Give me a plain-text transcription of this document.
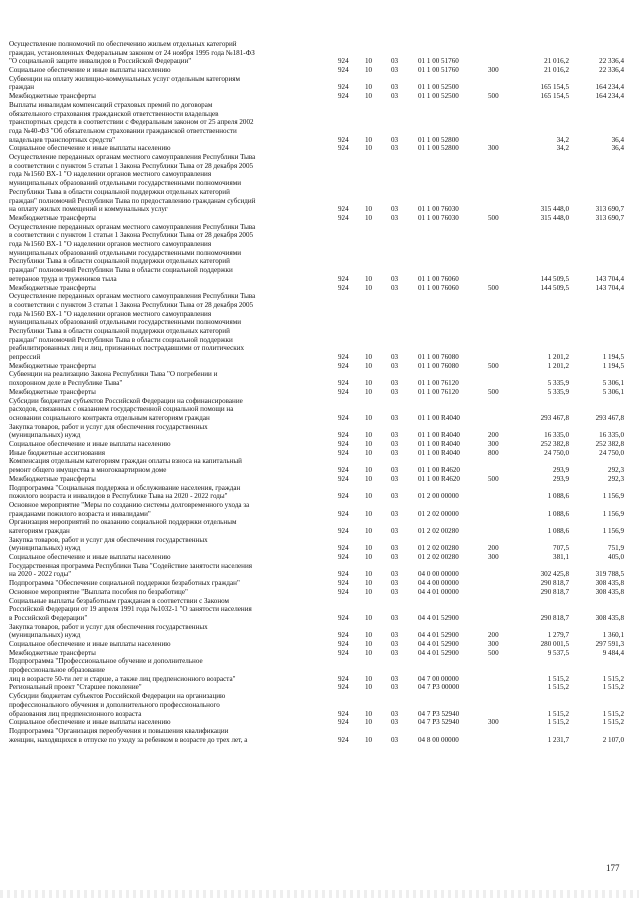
Осуществление полномочий по обеспечению жильем отдельных категорий
граждан, установленных Федеральным законом от 24 ноября 1995 года №181-ФЗ
"О социальной защите инвалидов в Российской Федерации"	924 10	03	01 1 00 51760	21 016,2	22 336,4
Социальное обеспечение и иные выплаты населению	924 10	03	01 1 00 51760	300	21 016,2	22 336,4
Субвенции на оплату жилищно-коммунальных услуг отдельным категориям
граждан	924 10	03	01 1 00 52500	165 154,5	164 234,4
Межбюджетные трансферты	924 10	03	01 1 00 52500	500	165 154,5	164 234,4
Выплаты инвалидам компенсаций страховых премий по договорам
обязательного страхования гражданской ответственности владельцев
транспортных средств в соответствии с Федеральным законом от 25 апреля 2002
года №40-ФЗ "Об обязательном страховании гражданской ответственности
владельцев транспортных средств"	924 10	03	01 1 00 52800	34,2	36,4
Социальное обеспечение и иные выплаты населению	924 10	03	01 1 00 52800	300	34,2	36,4
Осуществление переданных органам местного самоуправления Республики Тыва
в соответствии с пунктом 5 статьи 1 Закона Республики Тыва от 28 декабря 2005
года №1560 ВХ-1 "О наделении органов местного самоуправления
муниципальных образований отдельными государственными полномочиями
Республики Тыва в области социальной поддержки отдельных категорий
граждан" полномочий Республики Тыва по предоставлению гражданам субсидий
на оплату жилых помещений и коммунальных услуг	924 10	03	01 1 00 76030	315 448,0	313 690,7
Межбюджетные трансферты	924 10	03	01 1 00 76030	500	315 448,0	313 690,7
Осуществление переданных органам местного самоуправления Республики Тыва
в соответствии с пунктом 1 статьи 1 Закона Республики Тыва от 28 декабря 2005
года №1560 ВХ-1 "О наделении органов местного самоуправления
муниципальных образований отдельными государственными полномочиями
Республики Тыва в области социальной поддержки отдельных категорий
граждан" полномочий Республики Тыва в области социальной поддержки
ветеранов труда и тружеников тыла	924 10	03	01 1 00 76060	144 509,5	143 704,4
Межбюджетные трансферты	924 10	03	01 1 00 76060	500	144 509,5	143 704,4
Осуществление переданных органам местного самоуправления Республики Тыва
в соответствии с пунктом 3 статьи 1 Закона Республики Тыва от 28 декабря 2005
года №1560 ВХ-1 "О наделении органов местного самоуправления
муниципальных образований отдельными государственными полномочиями
Республики Тыва в области социальной поддержки отдельных категорий
граждан" полномочий Республики Тыва в области социальной поддержки
реабилитированных лиц и лиц, признанных пострадавшими от политических
репрессий	924 10	03	01 1 00 76080	1 201,2	1 194,5
Межбюджетные трансферты	924 10	03	01 1 00 76080	500	1 201,2	1 194,5
Субвенции на реализацию Закона Республики Тыва "О погребении и
похоронном деле в Республике Тыва"	924 10	03	01 1 00 76120	5 335,9	5 306,1
Межбюджетные трансферты	924 10	03	01 1 00 76120	500	5 335,9	5 306,1
Субсидии бюджетам субъектов Российской Федерации на софинансирование
расходов, связанных с оказанием государственной социальной помощи на
основании социального контракта отдельным категориям граждан	924 10	03	01 1 00 R4040	293 467,8	293 467,8
Закупка товаров, работ и услуг для обеспечения государственных
(муниципальных) нужд	924 10	03	01 1 00 R4040	200	16 335,0	16 335,0
Социальное обеспечение и иные выплаты населению	924 10	03	01 1 00 R4040	300	252 382,8	252 382,8
Иные бюджетные ассигнования	924 10	03	01 1 00 R4040	800	24 750,0	24 750,0
Компенсация отдельным категориям граждан оплаты взноса на капитальный
ремонт общего имущества в многоквартирном доме	924 10	03	01 1 00 R4620	293,9	292,3
Межбюджетные трансферты	924 10	03	01 1 00 R4620	500	293,9	292,3
Подпрограмма "Социальная поддержка и обслуживание населения, граждан
пожилого возраста и инвалидов в Республике Тыва на 2020 - 2022 годы"	924 10	03	01 2 00 00000	1 088,6	1 156,9
Основное мероприятие "Меры по созданию системы долговременного ухода за
гражданами пожилого возраста и инвалидами"	924 10	03	01 2 02 00000	1 088,6	1 156,9
Организация мероприятий по оказанию социальной поддержки отдельным
категориям граждан	924 10	03	01 2 02 00280	1 088,6	1 156,9
Закупка товаров, работ и услуг для обеспечения государственных
(муниципальных) нужд	924 10	03	01 2 02 00280	200	707,5	751,9
Социальное обеспечение и иные выплаты населению	924 10	03	01 2 02 00280	300	381,1	405,0
Государственная программа Республики Тыва "Содействие занятости населения
на 2020 - 2022 годы"	924 10	03	04 0 00 00000	302 425,8	319 788,5
Подпрограмма "Обеспечение социальной поддержки безработных граждан"	924 10	03	04 4 00 00000	290 818,7	308 435,8
Основное мероприятие "Выплата пособия по безработице"	924 10	03	04 4 01 00000	290 818,7	308 435,8
Социальные выплаты безработным гражданам в соответствии с Законом
Российской Федерации от 19 апреля 1991 года №1032-1 "О занятости населения
в Российской Федерации"	924 10	03	04 4 01 52900	290 818,7	308 435,8
Закупка товаров, работ и услуг для обеспечения государственных
(муниципальных) нужд	924 10	03	04 4 01 52900	200	1 279,7	1 360,1
Социальное обеспечение и иные выплаты населению	924 10	03	04 4 01 52900	300	280 001,5	297 591,3
Межбюджетные трансферты	924 10	03	04 4 01 52900	500	9 537,5	9 484,4
Подпрограмма "Профессиональное обучение и дополнительное
профессиональное образование
лиц в возрасте 50-ти лет и старше, а также лиц предпенсионного возраста"	924 10	03	04 7 00 00000	1 515,2	1 515,2
Региональный проект "Старшее поколение"	924 10	03	04 7 P3 00000	1 515,2	1 515,2
Субсидии бюджетам субъектов Российской Федерации на организацию
профессионального обучения и дополнительного профессионального
образования лиц предпенсионного возраста	924 10	03	04 7 P3 52940	1 515,2	1 515,2
Социальное обеспечение и иные выплаты населению	924 10	03	04 7 P3 52940	300	1 515,2	1 515,2
Подпрограмма "Организация переобучения и повышения квалификации
женщин, находящихся в отпуске по уходу за ребенком в возрасте до трех лет, а	924 10	03	04 8 00 00000	1 231,7	2 107,0
177
